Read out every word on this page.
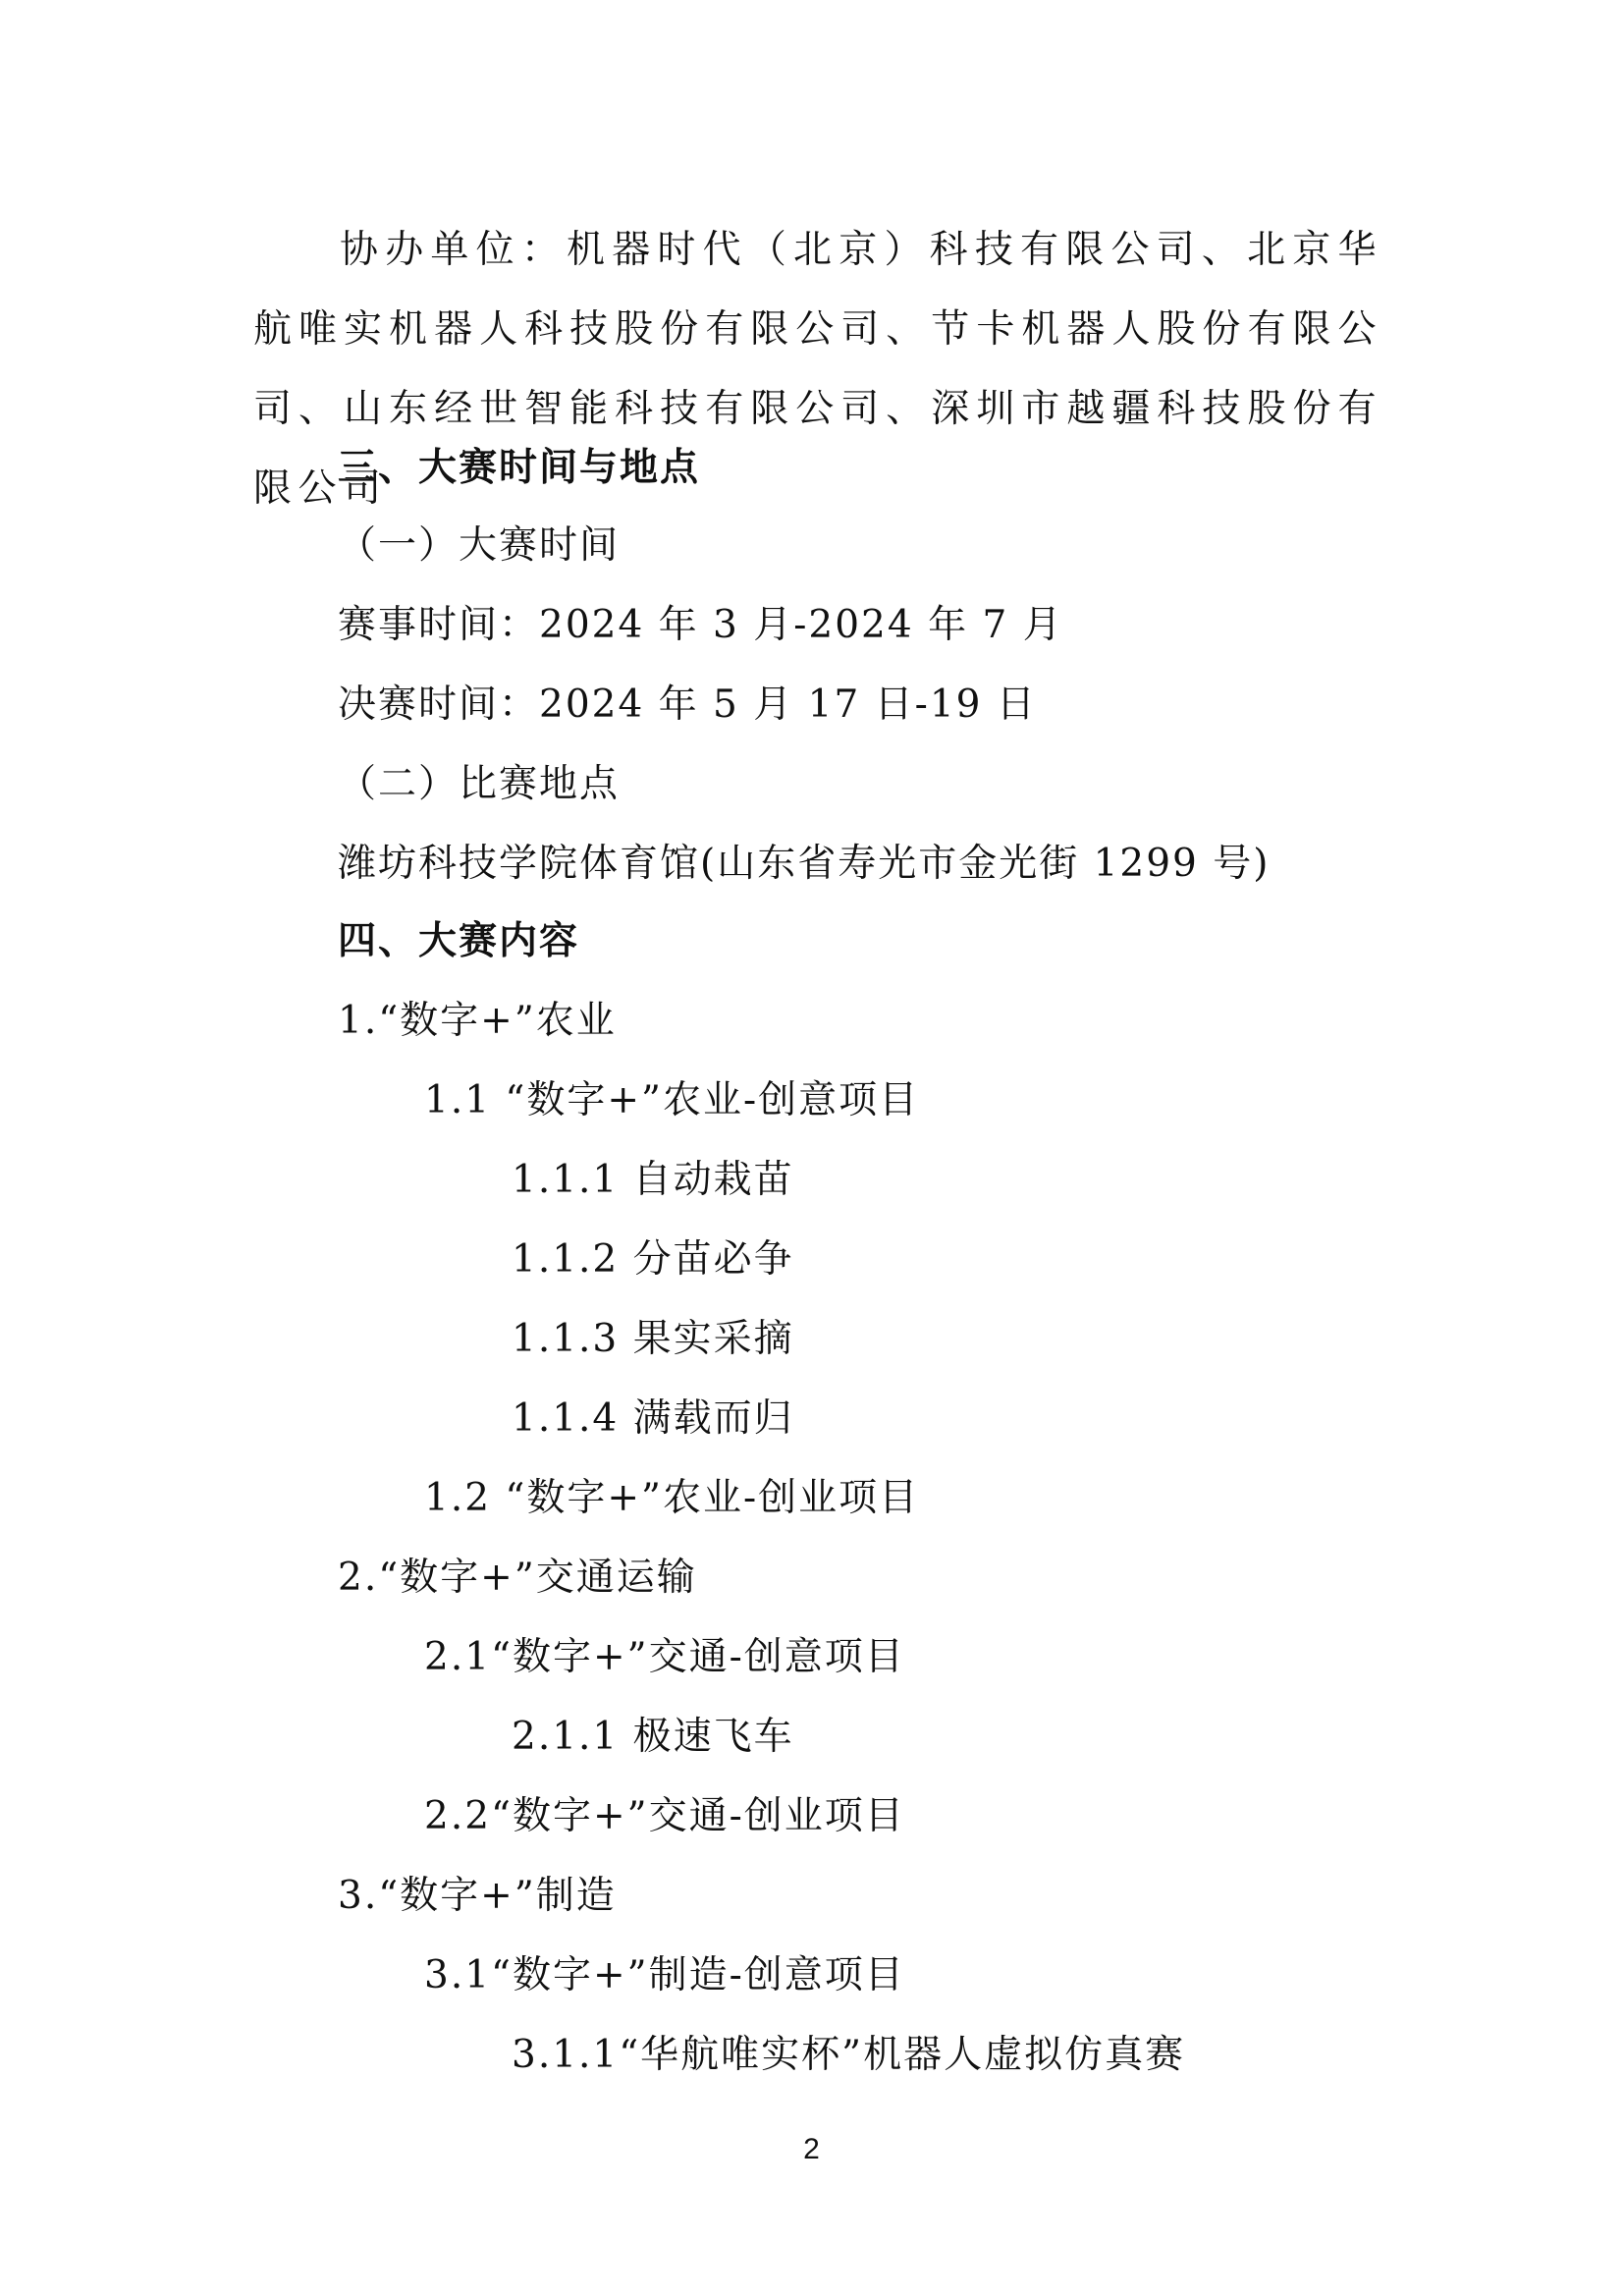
协办单位：机器时代（北京）科技有限公司、北京华航唯实机器人科技股份有限公司、节卡机器人股份有限公司、山东经世智能科技有限公司、深圳市越疆科技股份有限公司
三、大赛时间与地点
（一）大赛时间
赛事时间：2024 年 3 月-2024 年 7 月
决赛时间：2024 年 5 月 17 日-19 日
（二）比赛地点
潍坊科技学院体育馆(山东省寿光市金光街 1299 号)
四、大赛内容
1.“数字+”农业
1.1 “数字+”农业-创意项目
1.1.1 自动栽苗
1.1.2 分苗必争
1.1.3 果实采摘
1.1.4 满载而归
1.2 “数字+”农业-创业项目
2.“数字+”交通运输
2.1“数字+”交通-创意项目
2.1.1 极速飞车
2.2“数字+”交通-创业项目
3.“数字+”制造
3.1“数字+”制造-创意项目
3.1.1“华航唯实杯”机器人虚拟仿真赛
2
